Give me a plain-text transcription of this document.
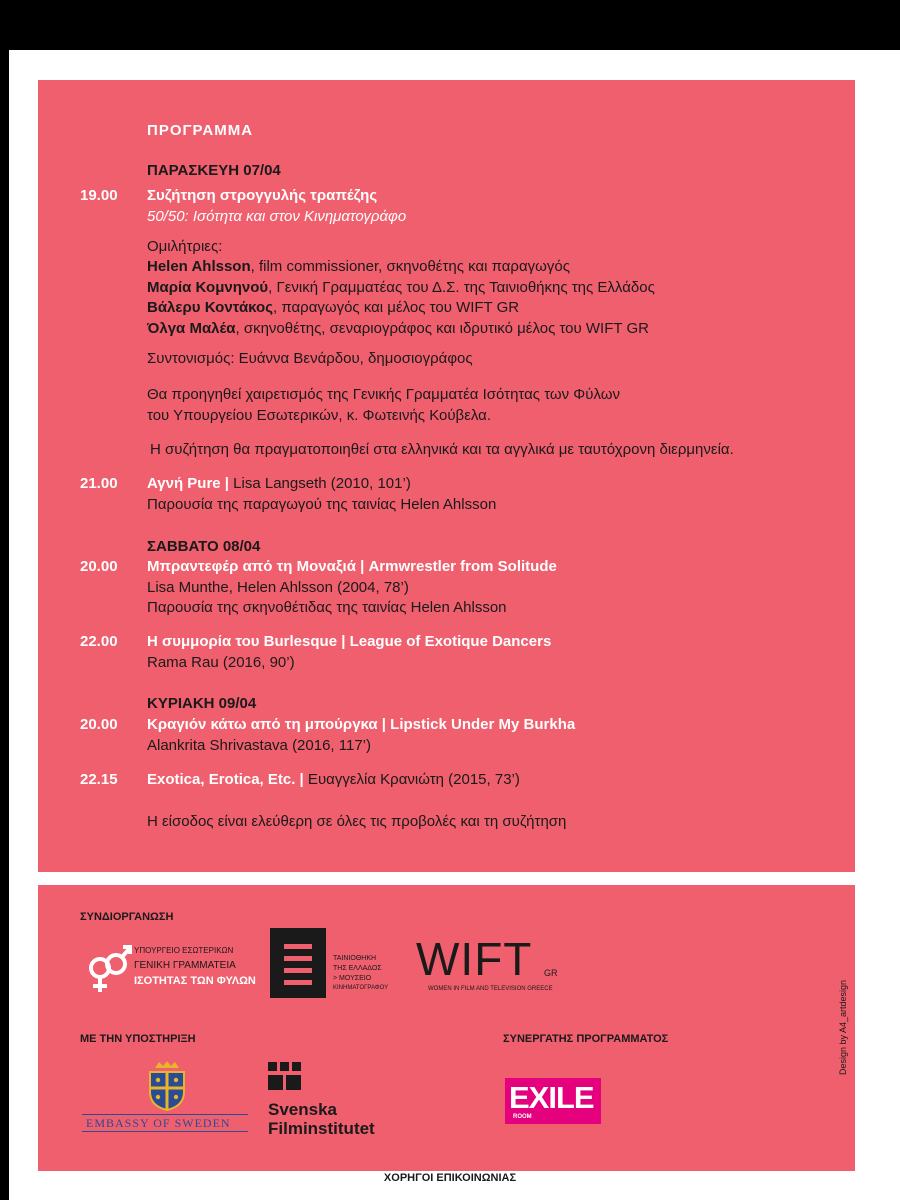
ΠΡΟΓΡΑΜΜΑ
ΠΑΡΑΣΚΕΥΗ 07/04
19.00 Συζήτηση στρογγυλής τραπέζης
50/50: Ισότητα και στον Κινηματογράφο
Ομιλήτριες:
Helen Ahlsson, film commissioner, σκηνοθέτης και παραγωγός
Μαρία Κομνηνού, Γενική Γραμματέας του Δ.Σ. της Ταινιοθήκης της Ελλάδος
Βάλερυ Κοντάκος, παραγωγός και μέλος του WIFT GR
Όλγα Μαλέα, σκηνοθέτης, σεναριογράφος και ιδρυτικό μέλος του WIFT GR
Συντονισμός: Ευάννα Βενάρδου, δημοσιογράφος
Θα προηγηθεί χαιρετισμός της Γενικής Γραμματέα Ισότητας των Φύλων
του Υπουργείου Εσωτερικών, κ. Φωτεινής Κούβελα.
Η συζήτηση θα πραγματοποιηθεί στα ελληνικά και τα αγγλικά με ταυτόχρονη διερμηνεία.
21.00 Αγνή Pure | Lisa Langseth (2010, 101’)
Παρουσία της παραγωγού της ταινίας Helen Ahlsson
ΣΑΒΒΑΤΟ 08/04
20.00 Μπραντεφέρ από τη Μοναξιά | Armwrestler from Solitude
Lisa Munthe, Helen Ahlsson (2004, 78’)
Παρουσία της σκηνοθέτιδας της ταινίας Helen Ahlsson
22.00 Η συμμορία του Burlesque | League of Exotique Dancers
Rama Rau (2016, 90’)
ΚΥΡΙΑΚΗ 09/04
20.00 Κραγιόν κάτω από τη μπούργκα | Lipstick Under My Burkha
Alankrita Shrivastava (2016, 117’)
22.15 Exotica, Erotica, Etc. | Ευαγγελία Κρανιώτη (2015, 73’)
Η είσοδος είναι ελεύθερη σε όλες τις προβολές και τη συζήτηση
ΣΥΝΔΙΟΡΓΑΝΩΣΗ
ΥΠΟΥΡΓΕΙΟ ΕΣΩΤΕΡΙΚΩΝ
ΓΕΝΙΚΗ ΓΡΑΜΜΑΤΕΙΑ
ΙΣΟΤΗΤΑΣ ΤΩΝ ΦΥΛΩΝ
ΤΑΙΝΙΟΘΗΚΗ
ΤΗΣ ΕΛΛΑΔΟΣ
> ΜΟΥΣΕΙΟ
ΚΙΝΗΜΑΤΟΓΡΑΦΟΥ
WIFT GR
WOMEN IN FILM AND TELEVISION GREECE
ΜΕ ΤΗΝ ΥΠΟΣΤΗΡΙΞΗ	ΣΥΝΕΡΓΑΤΗΣ ΠΡΟΓΡΑΜΜΑΤΟΣ
EMBASSY OF SWEDEN
Svenska
Filminstitutet
EXILE
ROOM
Design by A4_artdesign
ΧΟΡΗΓΟΙ ΕΠΙΚΟΙΝΩΝΙΑΣ
